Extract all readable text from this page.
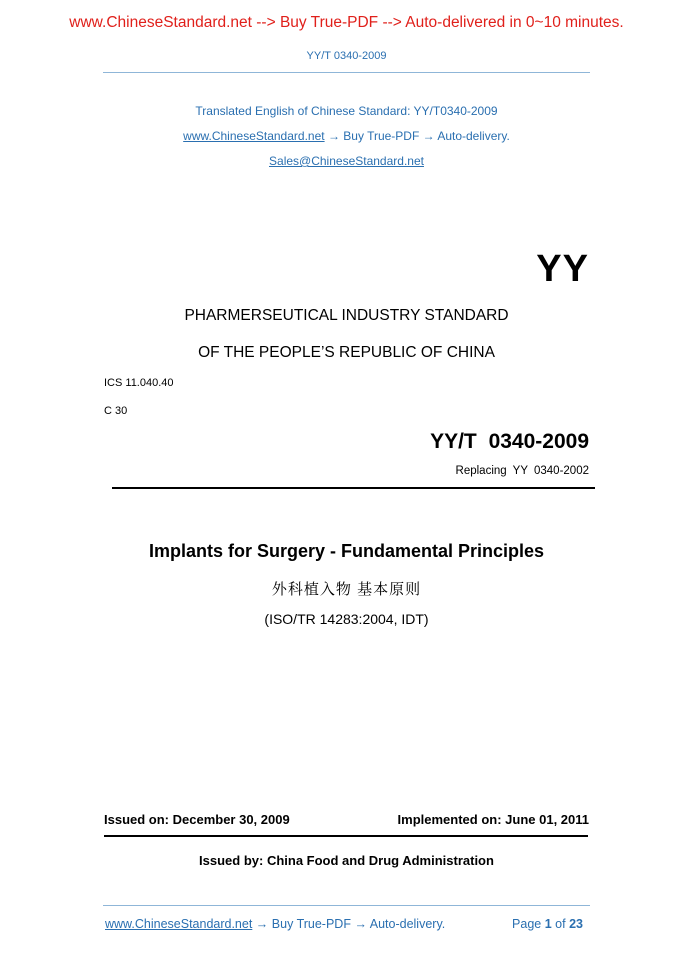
www.ChineseStandard.net --> Buy True-PDF --> Auto-delivered in 0~10 minutes.
YY/T 0340-2009
Translated English of Chinese Standard: YY/T0340-2009
www.ChineseStandard.net → Buy True-PDF → Auto-delivery.
Sales@ChineseStandard.net
YY
PHARMERSEUTICAL INDUSTRY STANDARD
OF THE PEOPLE’S REPUBLIC OF CHINA
ICS 11.040.40
C 30
YY/T 0340-2009
Replacing YY 0340-2002
Implants for Surgery - Fundamental Principles
外科植入物 基本原则
(ISO/TR 14283:2004, IDT)
Issued on: December 30, 2009	Implemented on: June 01, 2011
Issued by: China Food and Drug Administration
www.ChineseStandard.net → Buy True-PDF → Auto-delivery.	Page 1 of 23
